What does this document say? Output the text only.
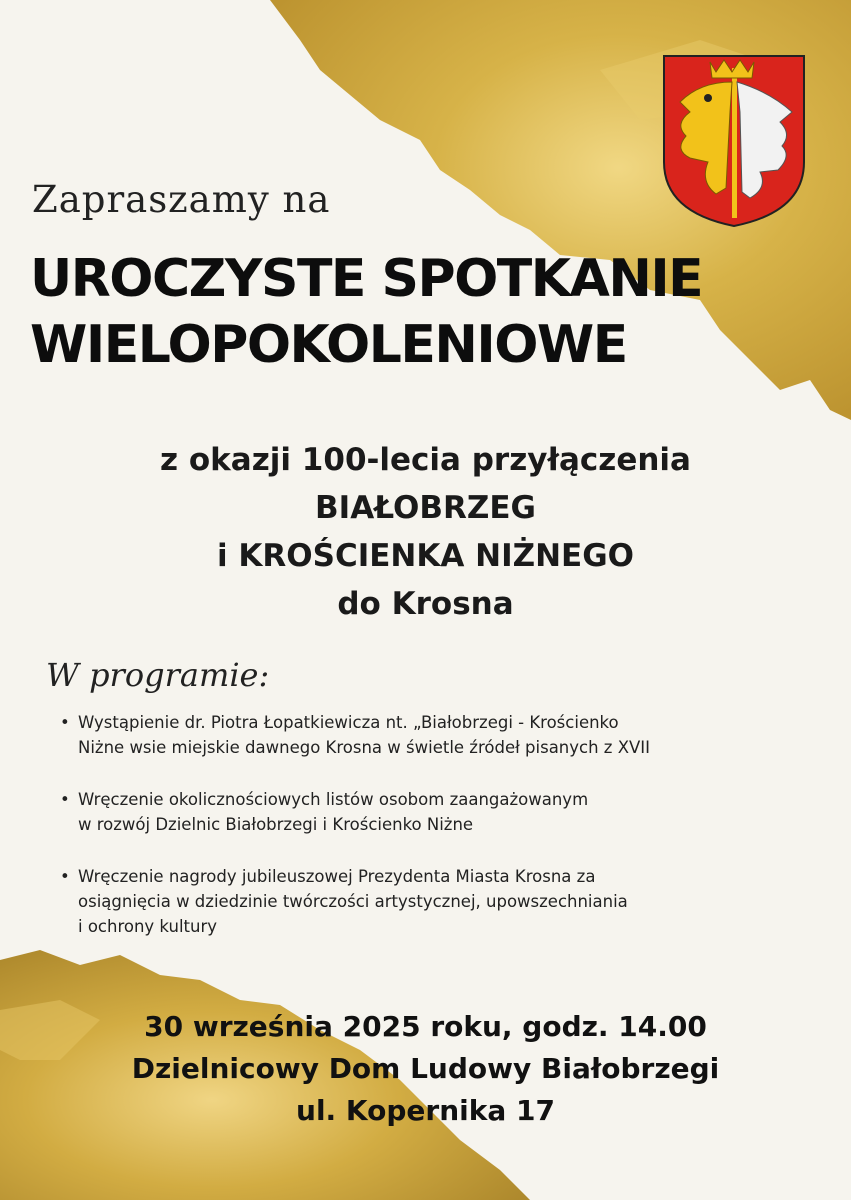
Zapraszamy na
UROCZYSTE SPOTKANIE
WIELOPOKOLENIOWE
z okazji 100-lecia przyłączenia
BIAŁOBRZEG
i KROŚCIENKA NIŻNEGO
do Krosna
W programie:
• Wystąpienie dr. Piotra Łopatkiewicza nt. „Białobrzegi - Krościenko
Niżne wsie miejskie dawnego Krosna w świetle źródeł pisanych z XVII
• Wręczenie okolicznościowych listów osobom zaangażowanym
w rozwój Dzielnic Białobrzegi i Krościenko Niżne
• Wręczenie nagrody jubileuszowej Prezydenta Miasta Krosna za
osiągnięcia w dziedzinie twórczości artystycznej, upowszechniania
i ochrony kultury
30 września 2025 roku, godz. 14.00
Dzielnicowy Dom Ludowy Białobrzegi
ul. Kopernika 17
